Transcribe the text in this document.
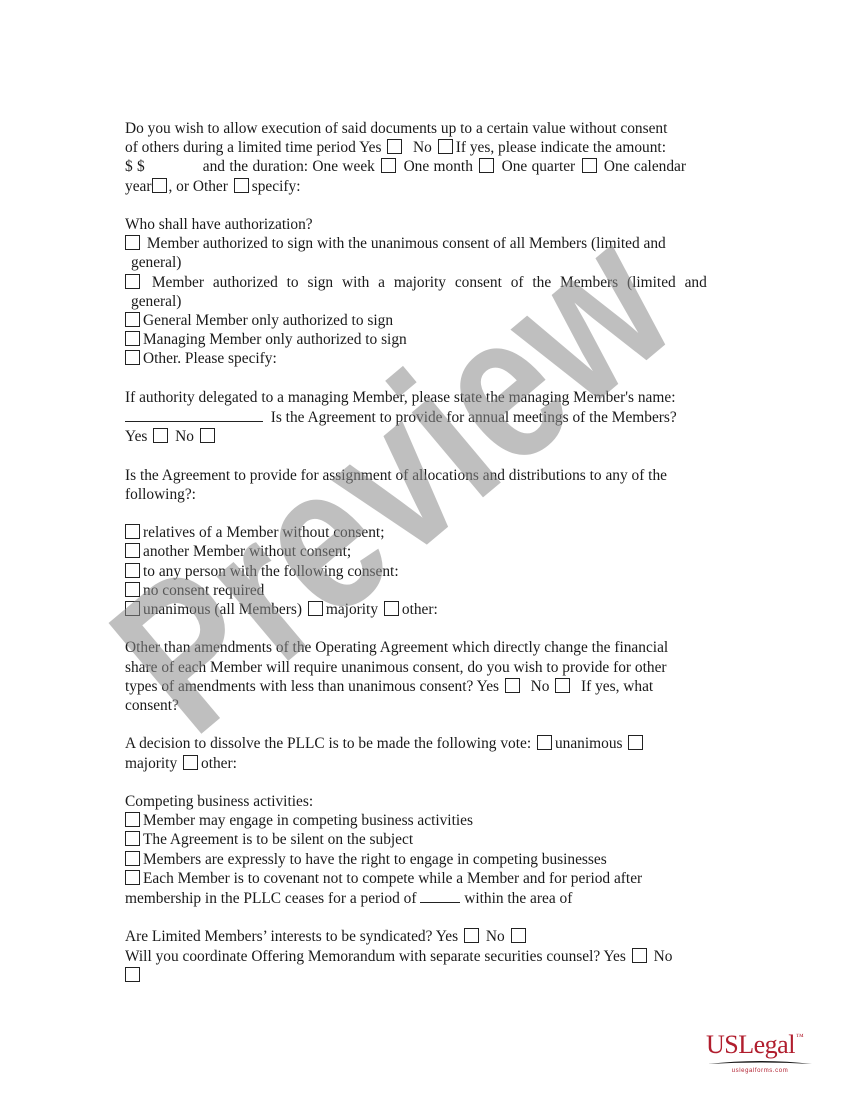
Do you wish to allow execution of said documents up to a certain value without consent
of others during a limited time period Yes No If yes, please indicate the amount:
$ $	and the duration: One week One month One quarter One calendar
year , or Other specify:
Who shall have authorization?
Member authorized to sign with the unanimous consent of all Members (limited and
general)
Member authorized to sign with a majority consent of the Members (limited and
general)
General Member only authorized to sign
Managing Member only authorized to sign
Other. Please specify:
If authority delegated to a managing Member, please state the managing Member's name:
Is the Agreement to provide for annual meetings of the Members?
Yes No
Is the Agreement to provide for assignment of allocations and distributions to any of the
following?:
relatives of a Member without consent;
another Member without consent;
to any person with the following consent:
no consent required
unanimous (all Members) majority other:
Other than amendments of the Operating Agreement which directly change the financial
share of each Member will require unanimous consent, do you wish to provide for other
types of amendments with less than unanimous consent? Yes No If yes, what
consent?
A decision to dissolve the PLLC is to be made the following vote: unanimous
majority other:
Competing business activities:
Member may engage in competing business activities
The Agreement is to be silent on the subject
Members are expressly to have the right to engage in competing businesses
Each Member is to covenant not to compete while a Member and for period after
membership in the PLLC ceases for a period of	within the area of
Are Limited Members’ interests to be syndicated? Yes No
Will you coordinate Offering Memorandum with separate securities counsel? Yes No
Preview
USLegal™
uslegalforms.com
